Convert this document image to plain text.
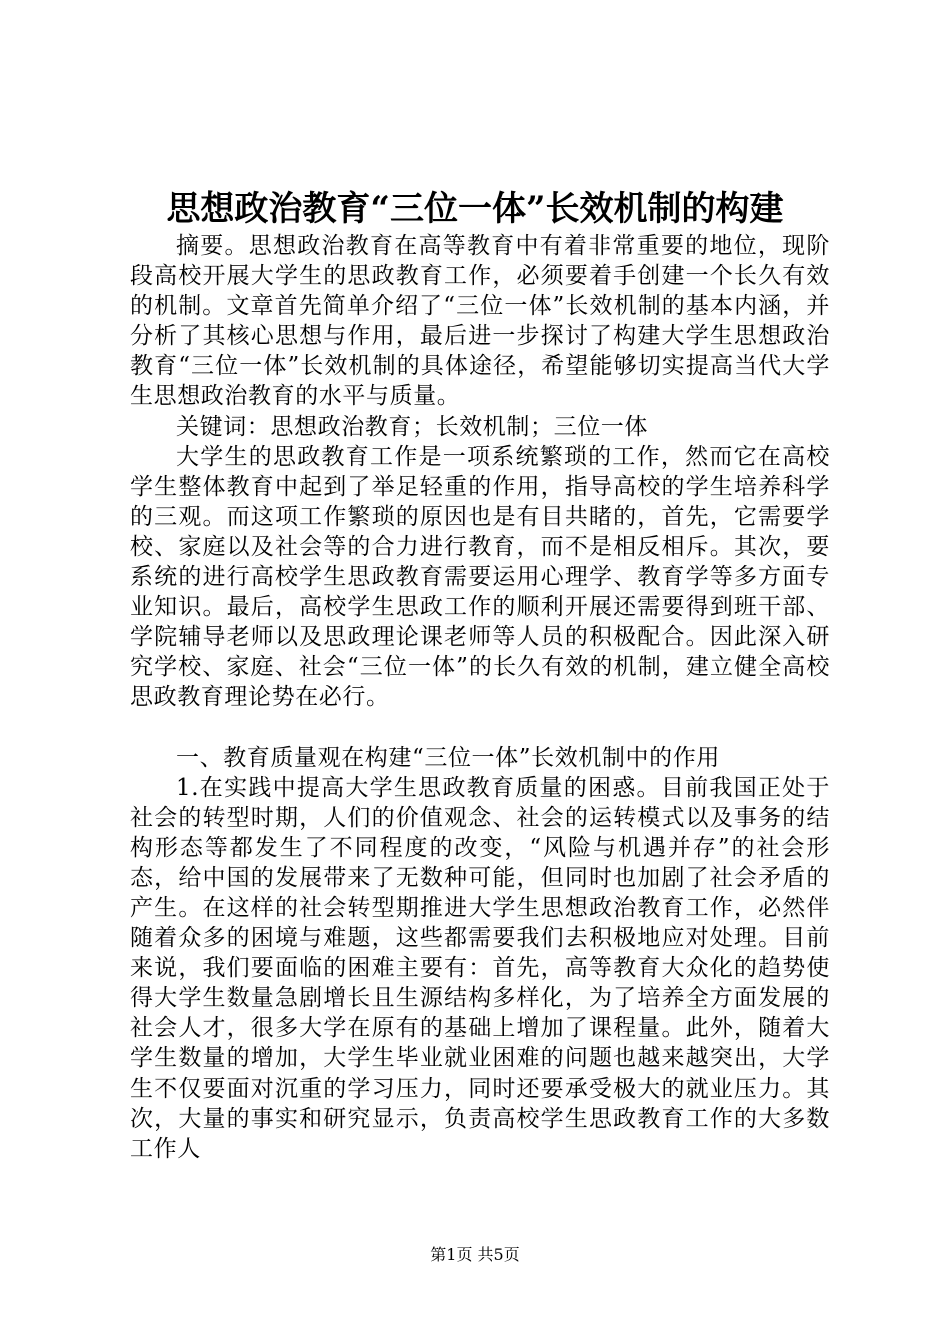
思想政治教育“三位一体”长效机制的构建

摘要。思想政治教育在高等教育中有着非常重要的地位，现阶段高校开展大学生的思政教育工作，必须要着手创建一个长久有效的机制。文章首先简单介绍了“三位一体”长效机制的基本内涵，并分析了其核心思想与作用，最后进一步探讨了构建大学生思想政治教育“三位一体”长效机制的具体途径，希望能够切实提高当代大学生思想政治教育的水平与质量。

关键词：思想政治教育；长效机制；三位一体

大学生的思政教育工作是一项系统繁琐的工作，然而它在高校学生整体教育中起到了举足轻重的作用，指导高校的学生培养科学的三观。而这项工作繁琐的原因也是有目共睹的，首先，它需要学校、家庭以及社会等的合力进行教育，而不是相反相斥。其次，要系统的进行高校学生思政教育需要运用心理学、教育学等多方面专业知识。最后，高校学生思政工作的顺利开展还需要得到班干部、学院辅导老师以及思政理论课老师等人员的积极配合。因此深入研究学校、家庭、社会“三位一体”的长久有效的机制，建立健全高校思政教育理论势在必行。

一、教育质量观在构建“三位一体”长效机制中的作用

1.在实践中提高大学生思政教育质量的困惑。目前我国正处于社会的转型时期，人们的价值观念、社会的运转模式以及事务的结构形态等都发生了不同程度的改变，“风险与机遇并存”的社会形态，给中国的发展带来了无数种可能，但同时也加剧了社会矛盾的产生。在这样的社会转型期推进大学生思想政治教育工作，必然伴随着众多的困境与难题，这些都需要我们去积极地应对处理。目前来说，我们要面临的困难主要有：首先，高等教育大众化的趋势使得大学生数量急剧增长且生源结构多样化，为了培养全方面发展的社会人才，很多大学在原有的基础上增加了课程量。此外，随着大学生数量的增加，大学生毕业就业困难的问题也越来越突出，大学生不仅要面对沉重的学习压力，同时还要承受极大的就业压力。其次，大量的事实和研究显示，负责高校学生思政教育工作的大多数工作人

第1页 共5页
